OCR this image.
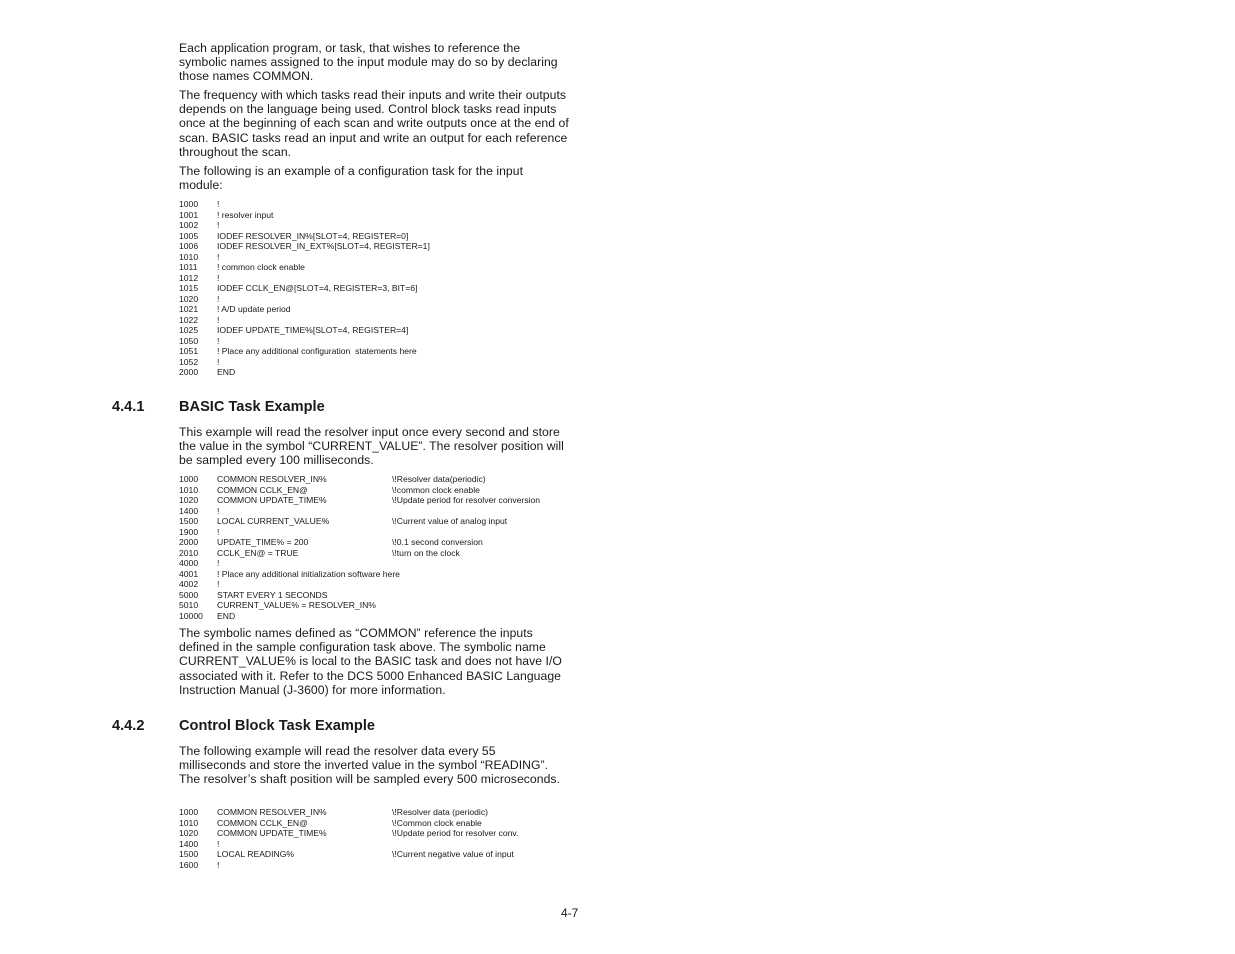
Each application program, or task, that wishes to reference the symbolic names assigned to the input module may do so by declaring those names COMMON.

The frequency with which tasks read their inputs and write their outputs depends on the language being used. Control block tasks read inputs once at the beginning of each scan and write outputs once at the end of scan. BASIC tasks read an input and write an output for each reference throughout the scan.

The following is an example of a configuration task for the input module:

1000 !
1001 ! resolver input
1002 !
1005 IODEF RESOLVER_IN%[SLOT=4, REGISTER=0]
1006 IODEF RESOLVER_IN_EXT%[SLOT=4, REGISTER=1]
1010 !
1011 ! common clock enable
1012 !
1015 IODEF CCLK_EN@[SLOT=4, REGISTER=3, BIT=6]
1020 !
1021 ! A/D update period
1022 !
1025 IODEF UPDATE_TIME%[SLOT=4, REGISTER=4]
1050 !
1051 ! Place any additional configuration  statements here
1052 !
2000 END
4.4.1 BASIC Task Example

This example will read the resolver input once every second and store the value in the symbol “CURRENT_VALUE”. The resolver position will be sampled every 100 milliseconds.

1000 COMMON RESOLVER_IN%	\!Resolver data(periodic)
1010 COMMON CCLK_EN@	\!common clock enable
1020 COMMON UPDATE_TIME%	\!Update period for resolver conversion
1400 !
1500 LOCAL CURRENT_VALUE%	\!Current value of analog input
1900 !
2000 UPDATE_TIME% = 200	\!0.1 second conversion
2010 CCLK_EN@ = TRUE	\!turn on the clock
4000 !
4001 ! Place any additional initialization software here
4002 !
5000 START EVERY 1 SECONDS
5010 CURRENT_VALUE% = RESOLVER_IN%
10000 END

The symbolic names defined as “COMMON” reference the inputs defined in the sample configuration task above. The symbolic name CURRENT_VALUE% is local to the BASIC task and does not have I/O associated with it. Refer to the DCS 5000 Enhanced BASIC Language Instruction Manual (J-3600) for more information.

4.4.2 Control Block Task Example

The following example will read the resolver data every 55 milliseconds and store the inverted value in the symbol “READING”. The resolver’s shaft position will be sampled every 500 microseconds.

1000 COMMON RESOLVER_IN%	\!Resolver data (periodic)
1010 COMMON CCLK_EN@	\!Common clock enable
1020 COMMON UPDATE_TIME%	\!Update period for resolver conv.
1400 !
1500 LOCAL READING%	\!Current negative value of input
1600 !
4-7
